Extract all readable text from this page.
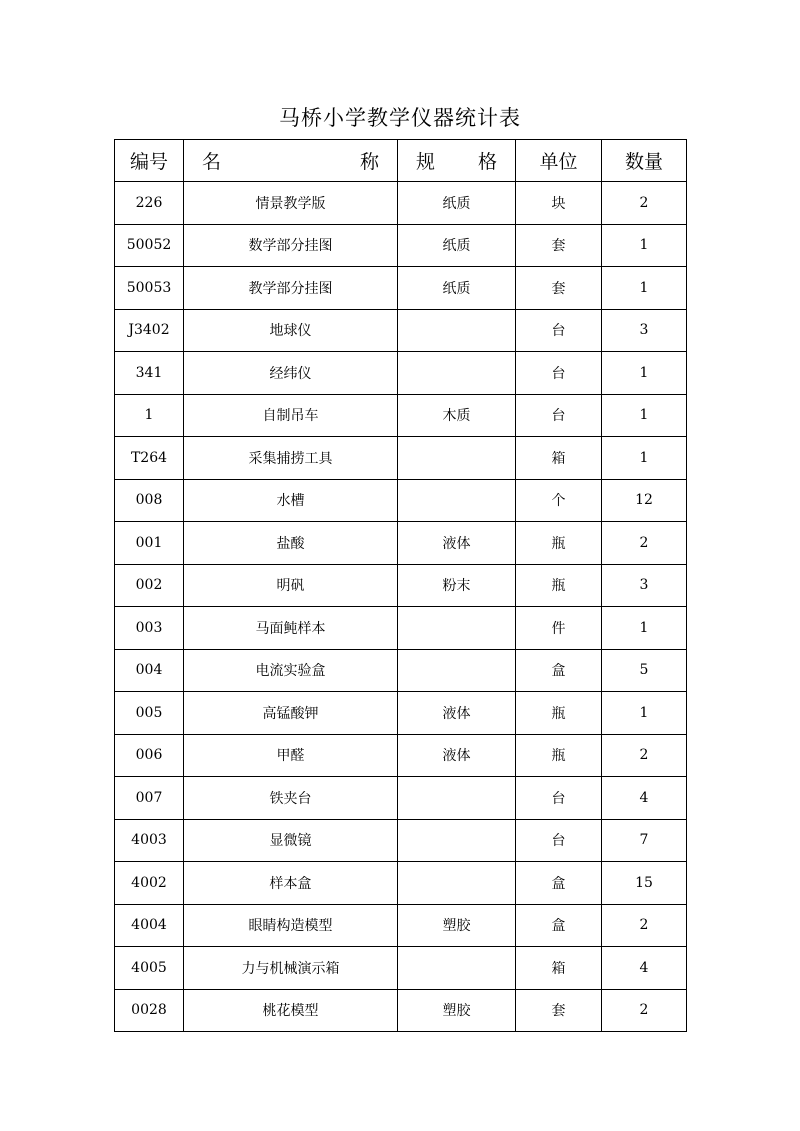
马桥小学教学仪器统计表
编号	名 称	规 格	单位	数量
226	情景教学版	纸质	块	2
50052	数学部分挂图	纸质	套	1
50053	教学部分挂图	纸质	套	1
J3402	地球仪		台	3
341	经纬仪		台	1
1	自制吊车	木质	台	1
T264	采集捕捞工具		箱	1
008	水槽		个	12
001	盐酸	液体	瓶	2
002	明矾	粉末	瓶	3
003	马面鲀样本		件	1
004	电流实验盒		盒	5
005	高锰酸钾	液体	瓶	1
006	甲醛	液体	瓶	2
007	铁夹台		台	4
4003	显微镜		台	7
4002	样本盒		盒	15
4004	眼睛构造模型	塑胶	盒	2
4005	力与机械演示箱		箱	4
0028	桃花模型	塑胶	套	2
